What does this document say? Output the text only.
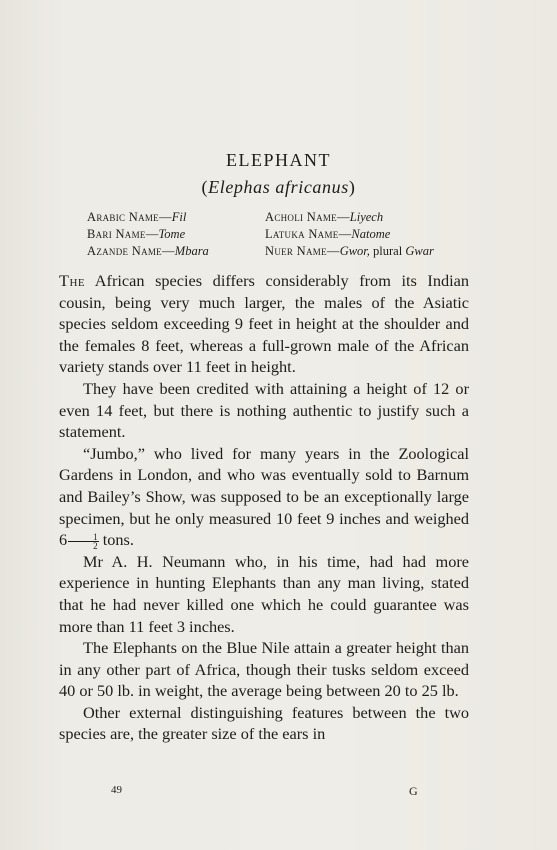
ELEPHANT
(Elephas africanus)
Arabic Name—Fil	Acholi Name—Liyech
Bari Name—Tome	Latuka Name—Natome
Azande Name—Mbara	Nuer Name—Gwor, plural Gwar

The African species differs considerably from its Indian cousin, being very much larger, the males of the Asiatic species seldom exceeding 9 feet in height at the shoulder and the females 8 feet, whereas a full-grown male of the African variety stands over 11 feet in height.

They have been credited with attaining a height of 12 or even 14 feet, but there is nothing authentic to justify such a statement.

“Jumbo,” who lived for many years in the Zoological Gardens in London, and who was eventually sold to Barnum and Bailey’s Show, was supposed to be an exceptionally large specimen, but he only measured 10 feet 9 inches and weighed $6 \frac{1}{2}$ tons.

Mr A. H. Neumann who, in his time, had had more experience in hunting Elephants than any man living, stated that he had never killed one which he could guarantee was more than 11 feet 3 inches.

The Elephants on the Blue Nile attain a greater height than in any other part of Africa, though their tusks seldom exceed 40 or 50 lb. in weight, the average being between 20 to 25 lb.

Other external distinguishing features between the two species are, the greater size of the ears in

49	G
